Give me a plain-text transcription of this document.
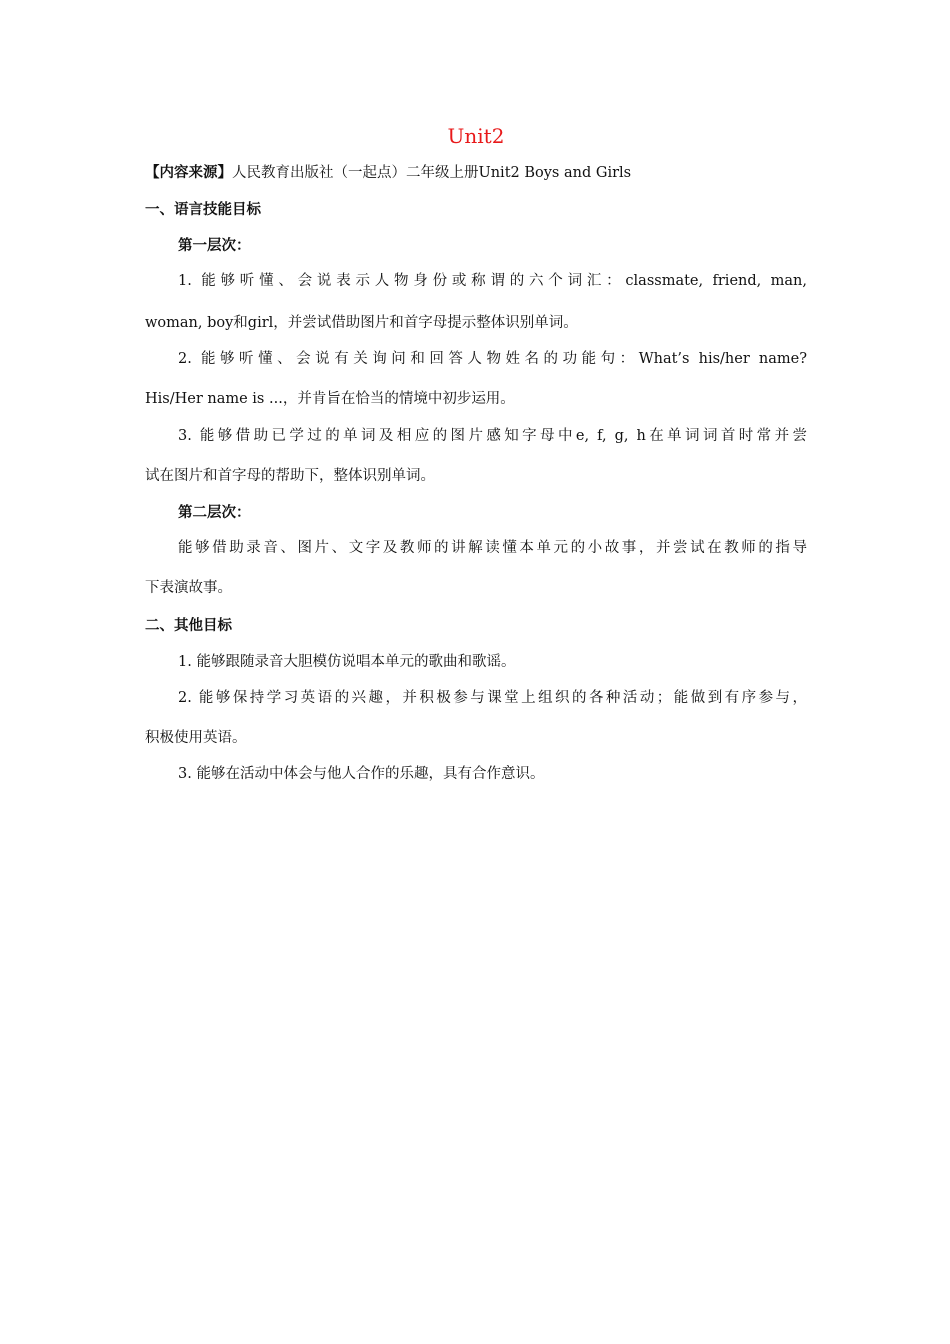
Unit2
【内容来源】人民教育出版社（一起点）二年级上册Unit2 Boys and Girls
一、语言技能目标
第一层次：
1. 能够听懂、会说表示人物身份或称谓的六个词汇：classmate, friend, man,
woman, boy和girl，并尝试借助图片和首字母提示整体识别单词。
2. 能够听懂、会说有关询问和回答人物姓名的功能句：What’s his/her name?
His/Her name is ...，并肯旨在恰当的情境中初步运用。
3. 能够借助已学过的单词及相应的图片感知字母中e, f, g, h在单词词首时常并尝
试在图片和首字母的帮助下，整体识别单词。
第二层次：
能够借助录音、图片、文字及教师的讲解读懂本单元的小故事，并尝试在教师的指导
下表演故事。
二、其他目标
1. 能够跟随录音大胆模仿说唱本单元的歌曲和歌谣。
2. 能够保持学习英语的兴趣，并积极参与课堂上组织的各种活动；能做到有序参与，
积极使用英语。
3. 能够在活动中体会与他人合作的乐趣，具有合作意识。
